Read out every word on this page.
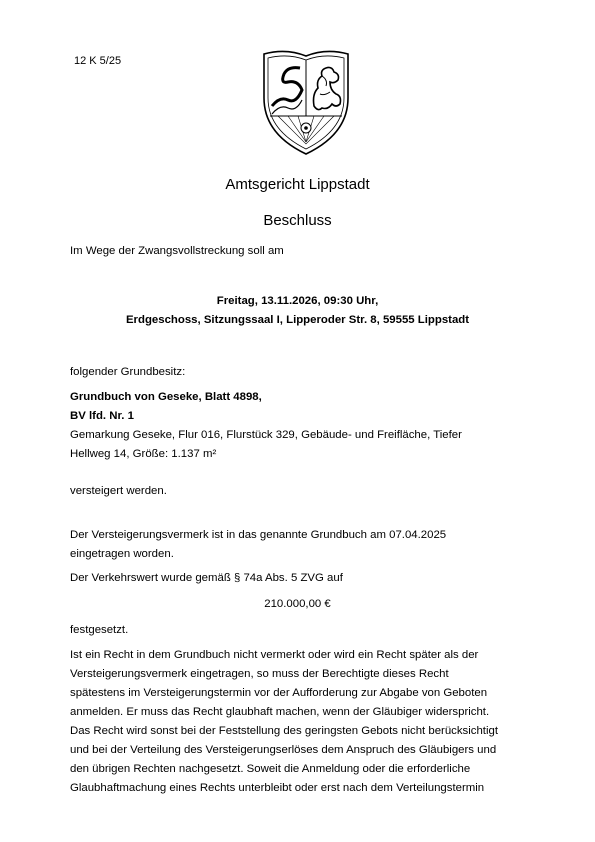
12 K 5/25
Amtsgericht Lippstadt
Beschluss
Im Wege der Zwangsvollstreckung soll am
Freitag, 13.11.2026, 09:30 Uhr,
Erdgeschoss, Sitzungssaal I, Lipperoder Str. 8, 59555 Lippstadt
folgender Grundbesitz:
Grundbuch von Geseke, Blatt 4898,
BV lfd. Nr. 1
Gemarkung Geseke, Flur 016, Flurstück 329, Gebäude- und Freifläche, Tiefer
Hellweg 14, Größe: 1.137 m²
versteigert werden.
Der Versteigerungsvermerk ist in das genannte Grundbuch am 07.04.2025
eingetragen worden.
Der Verkehrswert wurde gemäß § 74a Abs. 5 ZVG auf
210.000,00 €
festgesetzt.
Ist ein Recht in dem Grundbuch nicht vermerkt oder wird ein Recht später als der
Versteigerungsvermerk eingetragen, so muss der Berechtigte dieses Recht
spätestens im Versteigerungstermin vor der Aufforderung zur Abgabe von Geboten
anmelden. Er muss das Recht glaubhaft machen, wenn der Gläubiger widerspricht.
Das Recht wird sonst bei der Feststellung des geringsten Gebots nicht berücksichtigt
und bei der Verteilung des Versteigerungserlöses dem Anspruch des Gläubigers und
den übrigen Rechten nachgesetzt. Soweit die Anmeldung oder die erforderliche
Glaubhaftmachung eines Rechts unterbleibt oder erst nach dem Verteilungstermin
